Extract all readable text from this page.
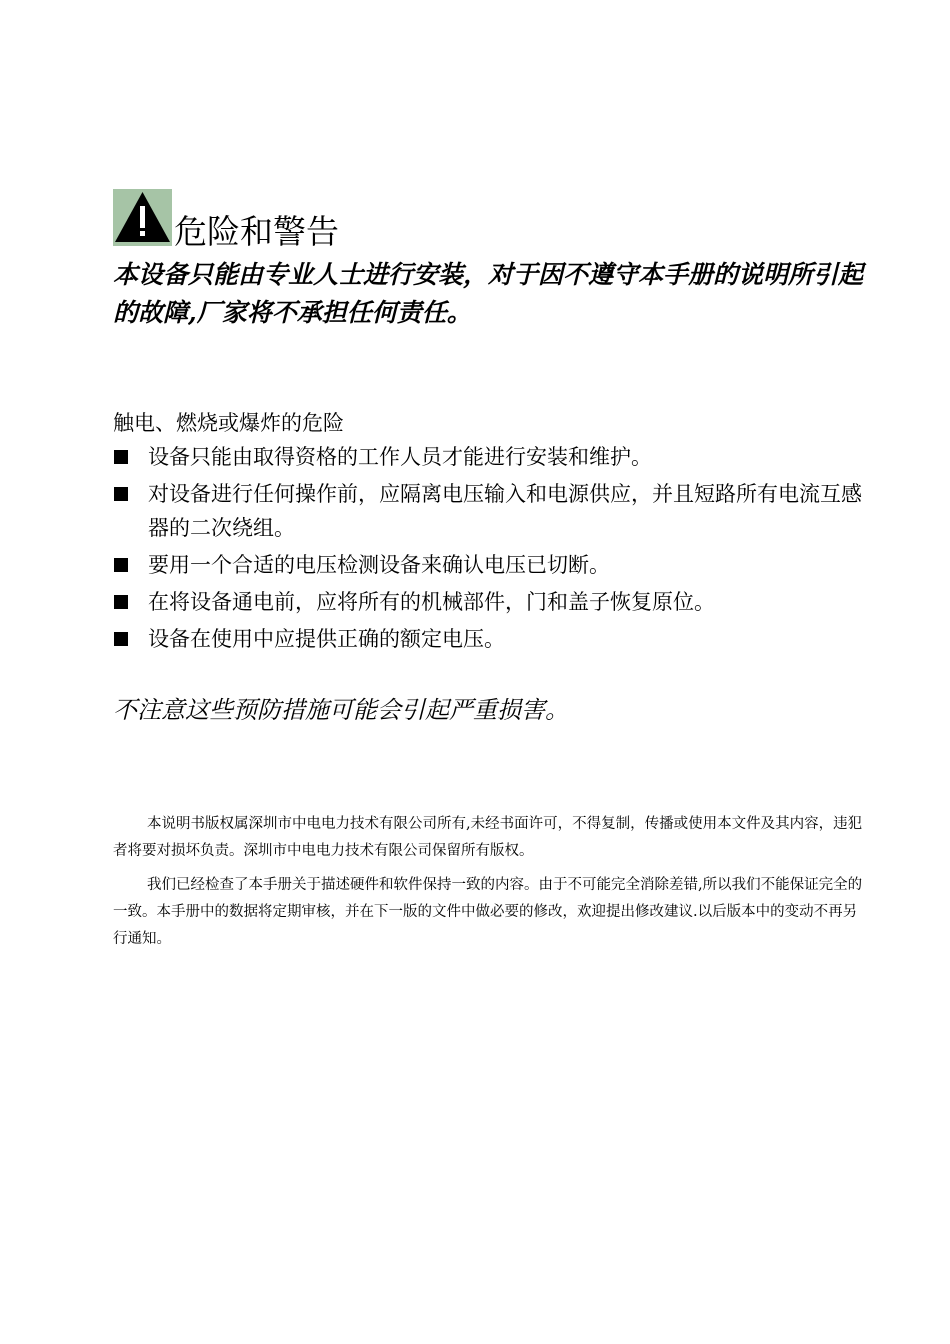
危险和警告

本设备只能由专业人士进行安装，对于因不遵守本手册的说明所引起的故障,厂家将不承担任何责任。

触电、燃烧或爆炸的危险
设备只能由取得资格的工作人员才能进行安装和维护。
对设备进行任何操作前，应隔离电压输入和电源供应，并且短路所有电流互感器的二次绕组。
要用一个合适的电压检测设备来确认电压已切断。
在将设备通电前，应将所有的机械部件，门和盖子恢复原位。
设备在使用中应提供正确的额定电压。
不注意这些预防措施可能会引起严重损害。

本说明书版权属深圳市中电电力技术有限公司所有,未经书面许可，不得复制，传播或使用本文件及其内容，违犯者将要对损坏负责。深圳市中电电力技术有限公司保留所有版权。

我们已经检查了本手册关于描述硬件和软件保持一致的内容。由于不可能完全消除差错,所以我们不能保证完全的一致。本手册中的数据将定期审核，并在下一版的文件中做必要的修改，欢迎提出修改建议.以后版本中的变动不再另行通知。
